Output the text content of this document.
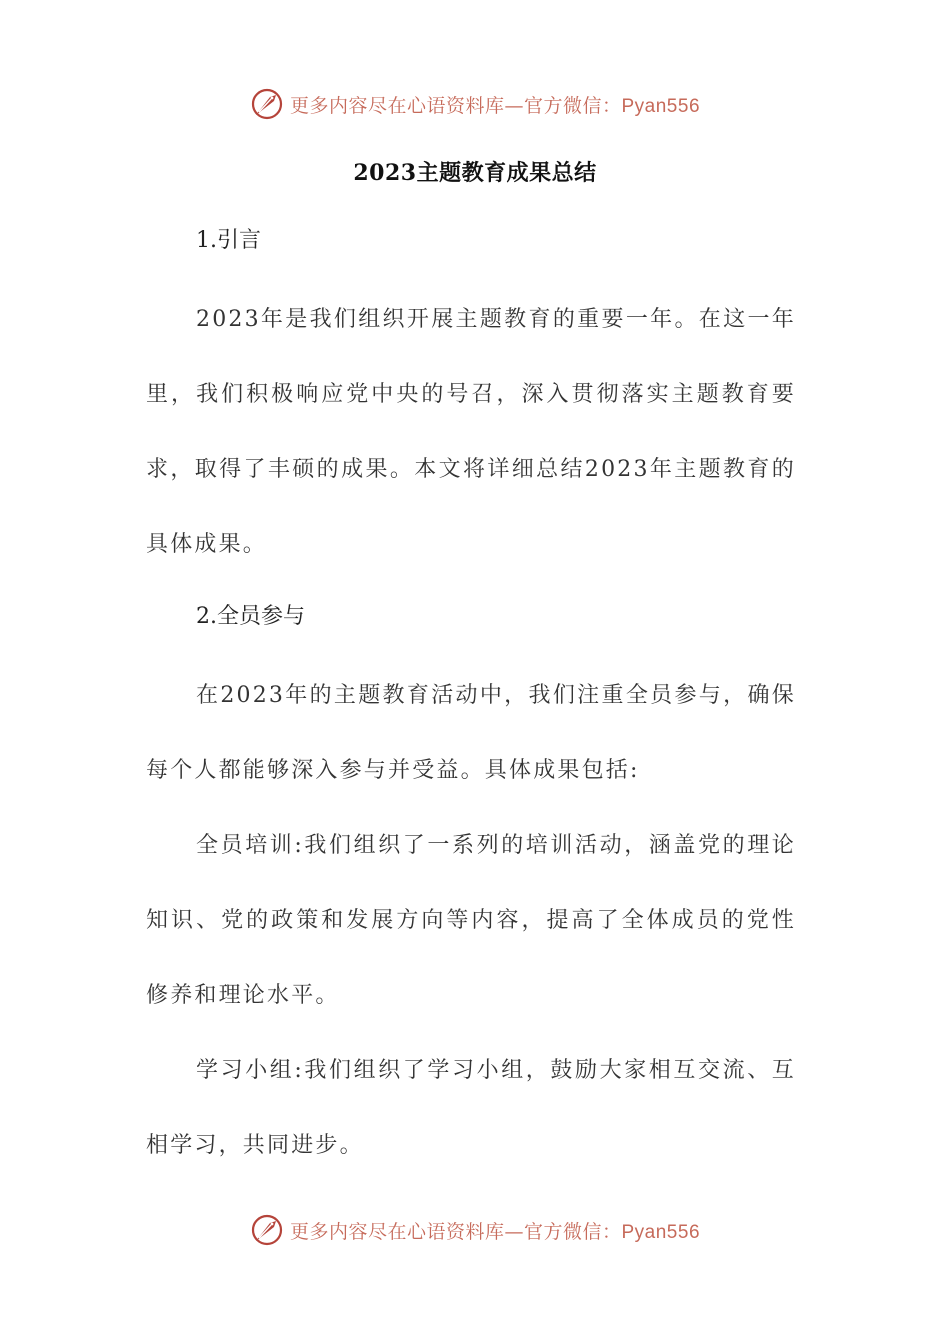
更多内容尽在心语资料库—官方微信：Pyan556
2023主题教育成果总结

1.引言

2023年是我们组织开展主题教育的重要一年。在这一年里，我们积极响应党中央的号召，深入贯彻落实主题教育要求，取得了丰硕的成果。本文将详细总结2023年主题教育的具体成果。

2.全员参与

在2023年的主题教育活动中，我们注重全员参与，确保每个人都能够深入参与并受益。具体成果包括:

全员培训:我们组织了一系列的培训活动，涵盖党的理论知识、党的政策和发展方向等内容，提高了全体成员的党性修养和理论水平。

学习小组:我们组织了学习小组，鼓励大家相互交流、互相学习，共同进步。

更多内容尽在心语资料库—官方微信：Pyan556
